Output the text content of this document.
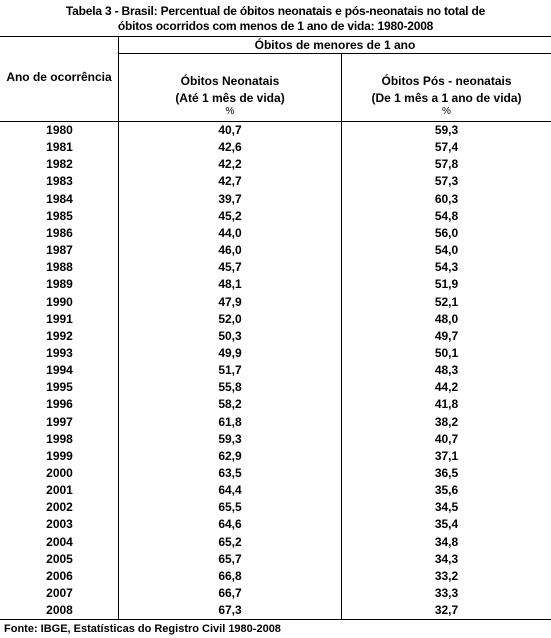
Tabela 3 - Brasil: Percentual de óbitos neonatais e pós-neonatais no total de
óbitos ocorridos com menos de 1 ano de vida: 1980-2008
Ano de ocorrência
Óbitos de menores de 1 ano
Óbitos Neonatais
(Até 1 mês de vida)
Óbitos Pós - neonatais
(De 1 mês a 1 ano de vida)
%	%
1980	40,7	59,3
1981	42,6	57,4
1982	42,2	57,8
1983	42,7	57,3
1984	39,7	60,3
1985	45,2	54,8
1986	44,0	56,0
1987	46,0	54,0
1988	45,7	54,3
1989	48,1	51,9
1990	47,9	52,1
1991	52,0	48,0
1992	50,3	49,7
1993	49,9	50,1
1994	51,7	48,3
1995	55,8	44,2
1996	58,2	41,8
1997	61,8	38,2
1998	59,3	40,7
1999	62,9	37,1
2000	63,5	36,5
2001	64,4	35,6
2002	65,5	34,5
2003	64,6	35,4
2004	65,2	34,8
2005	65,7	34,3
2006	66,8	33,2
2007	66,7	33,3
2008	67,3	32,7
Fonte: IBGE, Estatísticas do Registro Civil 1980-2008
